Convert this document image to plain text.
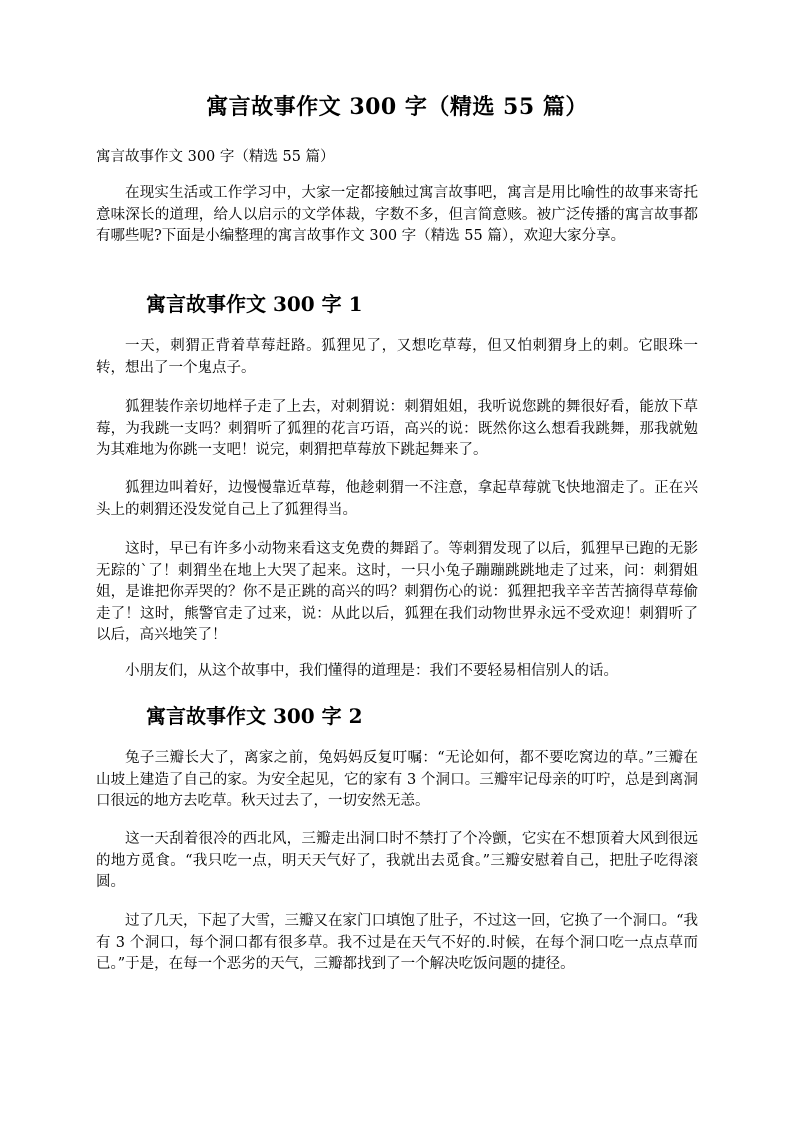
寓言故事作文 300 字（精选 55 篇）

寓言故事作文 300 字（精选 55 篇）

在现实生活或工作学习中，大家一定都接触过寓言故事吧，寓言是用比喻性的故事来寄托意味深长的道理，给人以启示的文学体裁，字数不多，但言简意赅。被广泛传播的寓言故事都有哪些呢?下面是小编整理的寓言故事作文 300 字（精选 55 篇），欢迎大家分享。

寓言故事作文 300 字 1

一天，刺猬正背着草莓赶路。狐狸见了，又想吃草莓，但又怕刺猬身上的刺。它眼珠一转，想出了一个鬼点子。

狐狸装作亲切地样子走了上去，对刺猬说：刺猬姐姐，我听说您跳的舞很好看，能放下草莓，为我跳一支吗？刺猬听了狐狸的花言巧语，高兴的说：既然你这么想看我跳舞，那我就勉为其难地为你跳一支吧！说完，刺猬把草莓放下跳起舞来了。

狐狸边叫着好，边慢慢靠近草莓，他趁刺猬一不注意，拿起草莓就飞快地溜走了。正在兴头上的刺猬还没发觉自己上了狐狸得当。

这时，早已有许多小动物来看这支免费的舞蹈了。等刺猬发现了以后，狐狸早已跑的无影无踪的`了！刺猬坐在地上大哭了起来。这时，一只小兔子蹦蹦跳跳地走了过来，问：刺猬姐姐，是谁把你弄哭的？你不是正跳的高兴的吗？刺猬伤心的说：狐狸把我辛辛苦苦摘得草莓偷走了！这时，熊警官走了过来，说：从此以后，狐狸在我们动物世界永远不受欢迎！刺猬听了以后，高兴地笑了！

小朋友们，从这个故事中，我们懂得的道理是：我们不要轻易相信别人的话。

寓言故事作文 300 字 2

兔子三瓣长大了，离家之前，兔妈妈反复叮嘱：“无论如何，都不要吃窝边的草。”三瓣在山坡上建造了自己的家。为安全起见，它的家有 3 个洞口。三瓣牢记母亲的叮咛，总是到离洞口很远的地方去吃草。秋天过去了，一切安然无恙。

这一天刮着很冷的西北风，三瓣走出洞口时不禁打了个冷颤，它实在不想顶着大风到很远的地方觅食。“我只吃一点，明天天气好了，我就出去觅食。”三瓣安慰着自己，把肚子吃得滚圆。

过了几天，下起了大雪，三瓣又在家门口填饱了肚子，不过这一回，它换了一个洞口。“我有 3 个洞口，每个洞口都有很多草。我不过是在天气不好的.时候，在每个洞口吃一点点草而已。”于是，在每一个恶劣的天气，三瓣都找到了一个解决吃饭问题的捷径。
